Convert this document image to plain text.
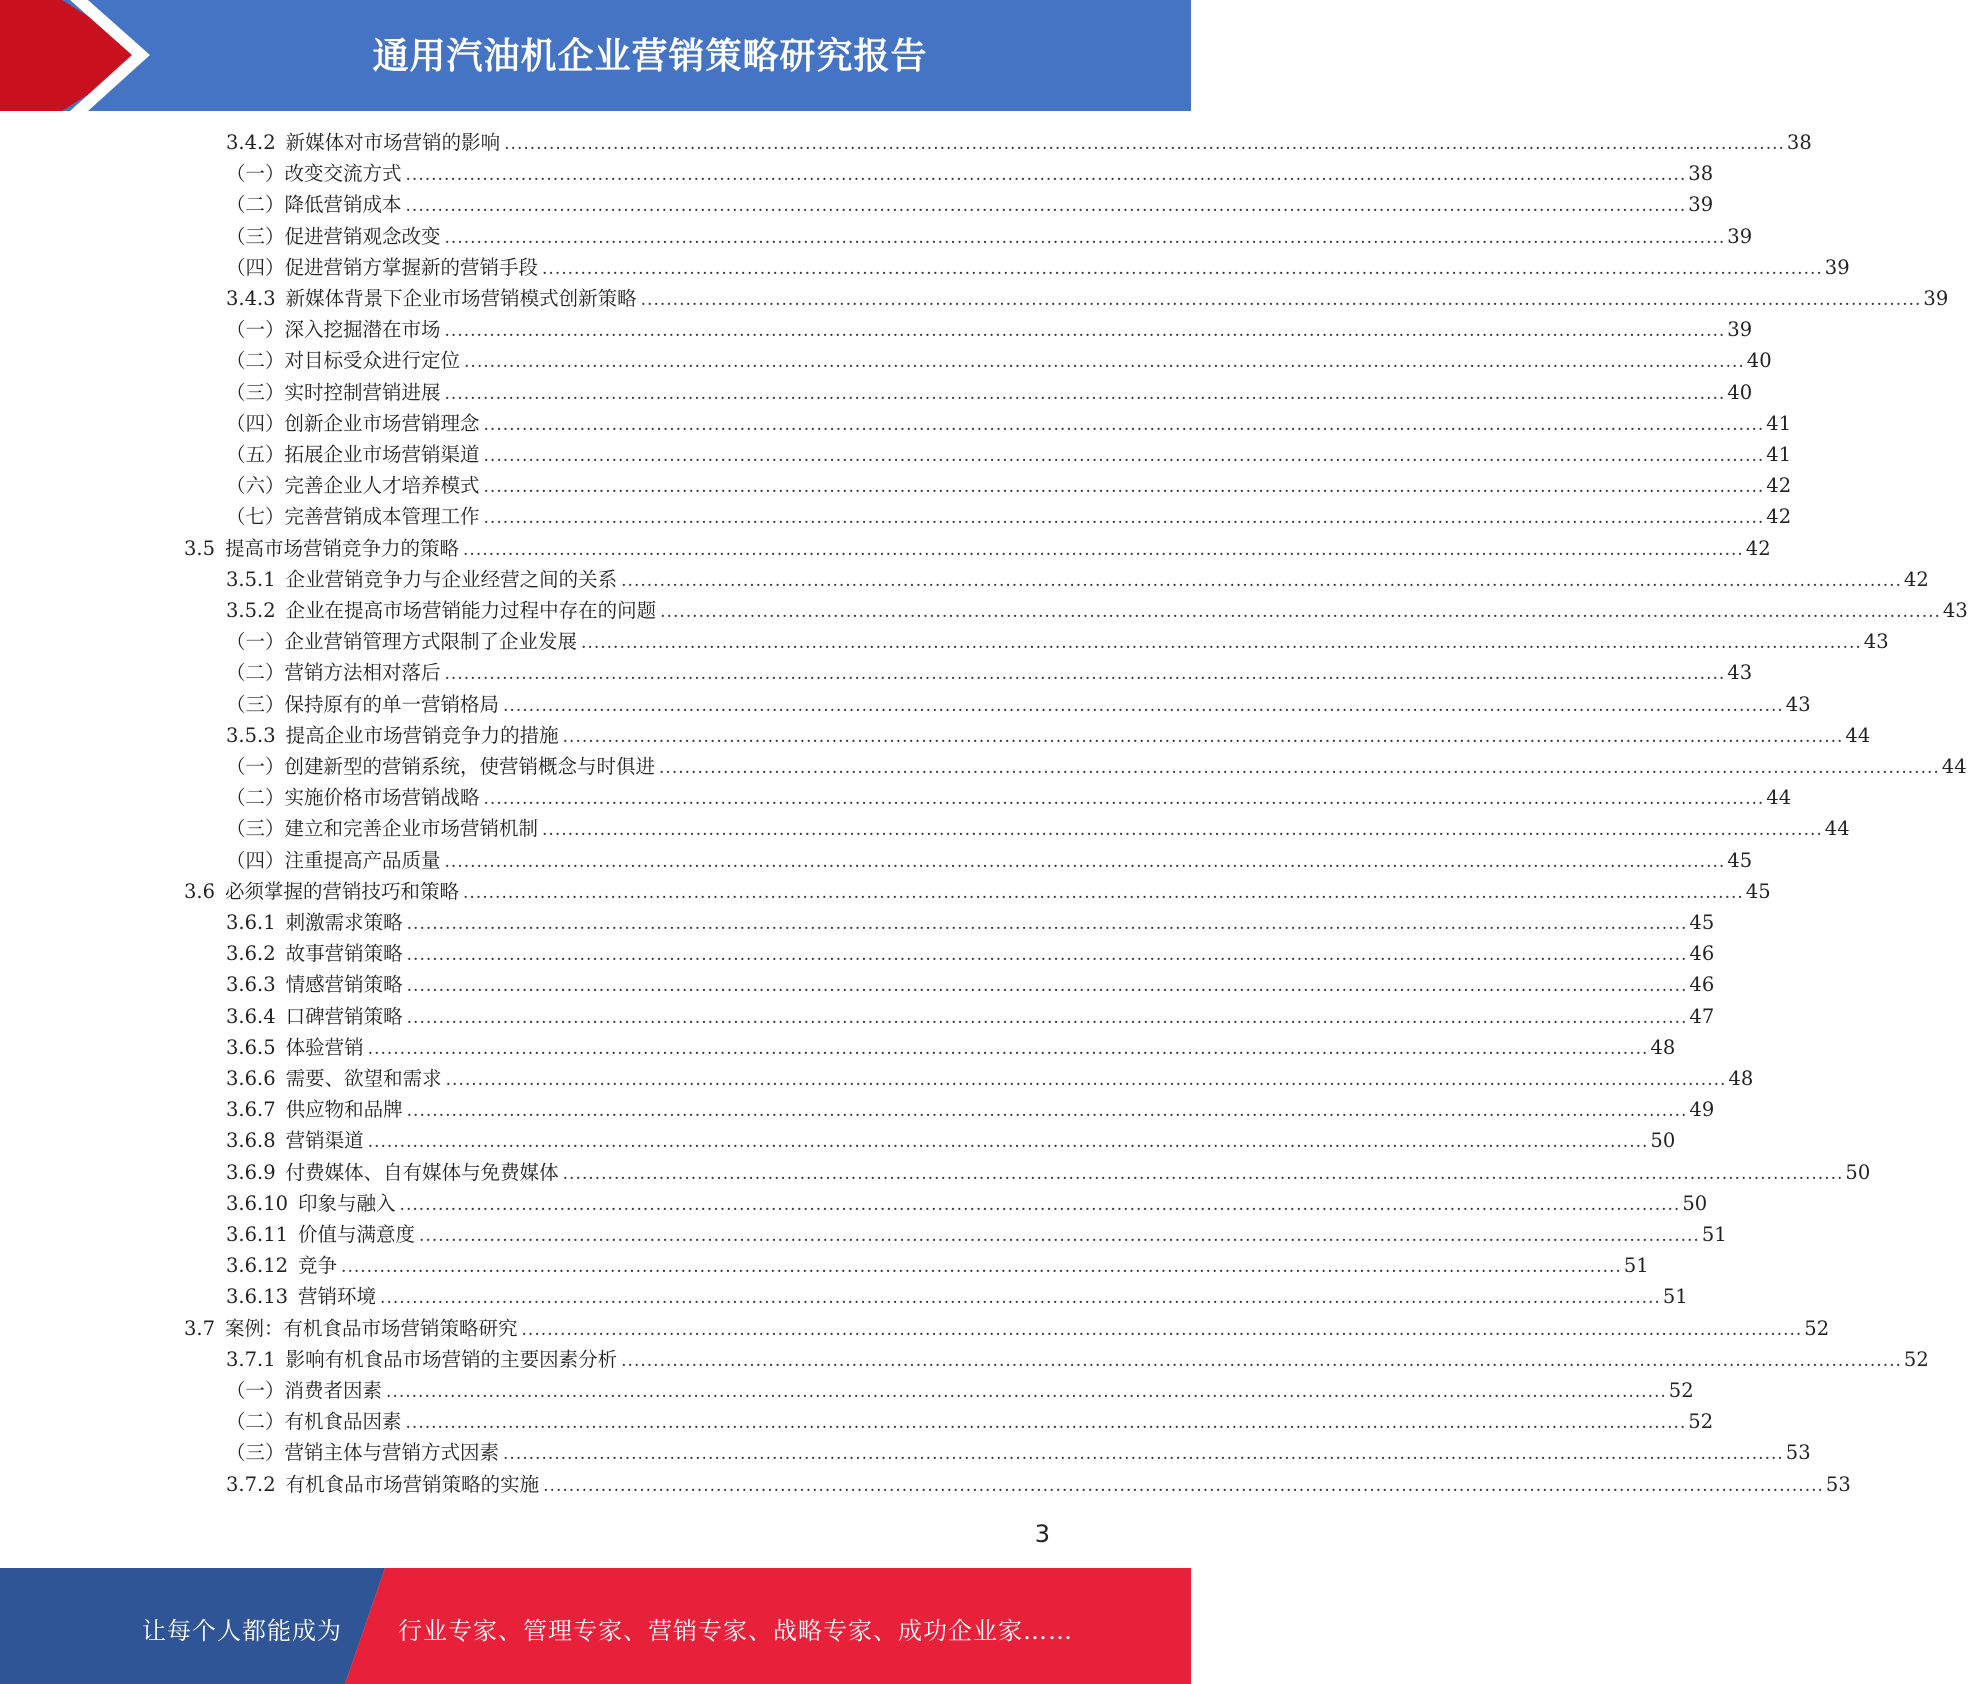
通用汽油机企业营销策略研究报告
3.4.2 新媒体对市场营销的影响 ........................................................................................................................................................................................................ 38
（一）改变交流方式 ........................................................................................................................................................................................................ 38
（二）降低营销成本 ........................................................................................................................................................................................................ 39
（三）促进营销观念改变 ........................................................................................................................................................................................................ 39
（四）促进营销方掌握新的营销手段 ........................................................................................................................................................................................................ 39
3.4.3 新媒体背景下企业市场营销模式创新策略 ........................................................................................................................................................................................................ 39
（一）深入挖掘潜在市场 ........................................................................................................................................................................................................ 39
（二）对目标受众进行定位 ........................................................................................................................................................................................................ 40
（三）实时控制营销进展 ........................................................................................................................................................................................................ 40
（四）创新企业市场营销理念 ........................................................................................................................................................................................................ 41
（五）拓展企业市场营销渠道 ........................................................................................................................................................................................................ 41
（六）完善企业人才培养模式 ........................................................................................................................................................................................................ 42
（七）完善营销成本管理工作 ........................................................................................................................................................................................................ 42
3.5 提高市场营销竞争力的策略 ........................................................................................................................................................................................................ 42
3.5.1 企业营销竞争力与企业经营之间的关系 ........................................................................................................................................................................................................ 42
3.5.2 企业在提高市场营销能力过程中存在的问题 ........................................................................................................................................................................................................ 43
（一）企业营销管理方式限制了企业发展 ........................................................................................................................................................................................................ 43
（二）营销方法相对落后 ........................................................................................................................................................................................................ 43
（三）保持原有的单一营销格局 ........................................................................................................................................................................................................ 43
3.5.3 提高企业市场营销竞争力的措施 ........................................................................................................................................................................................................ 44
（一）创建新型的营销系统，使营销概念与时俱进 ........................................................................................................................................................................................................ 44
（二）实施价格市场营销战略 ........................................................................................................................................................................................................ 44
（三）建立和完善企业市场营销机制 ........................................................................................................................................................................................................ 44
（四）注重提高产品质量 ........................................................................................................................................................................................................ 45
3.6 必须掌握的营销技巧和策略 ........................................................................................................................................................................................................ 45
3.6.1 刺激需求策略 ........................................................................................................................................................................................................ 45
3.6.2 故事营销策略 ........................................................................................................................................................................................................ 46
3.6.3 情感营销策略 ........................................................................................................................................................................................................ 46
3.6.4 口碑营销策略 ........................................................................................................................................................................................................ 47
3.6.5 体验营销 ........................................................................................................................................................................................................ 48
3.6.6 需要、欲望和需求 ........................................................................................................................................................................................................ 48
3.6.7 供应物和品牌 ........................................................................................................................................................................................................ 49
3.6.8 营销渠道 ........................................................................................................................................................................................................ 50
3.6.9 付费媒体、自有媒体与免费媒体 ........................................................................................................................................................................................................ 50
3.6.10 印象与融入 ........................................................................................................................................................................................................ 50
3.6.11 价值与满意度 ........................................................................................................................................................................................................ 51
3.6.12 竞争 ........................................................................................................................................................................................................ 51
3.6.13 营销环境 ........................................................................................................................................................................................................ 51
3.7 案例：有机食品市场营销策略研究 ........................................................................................................................................................................................................ 52
3.7.1 影响有机食品市场营销的主要因素分析 ........................................................................................................................................................................................................ 52
（一）消费者因素 ........................................................................................................................................................................................................ 52
（二）有机食品因素 ........................................................................................................................................................................................................ 52
（三）营销主体与营销方式因素 ........................................................................................................................................................................................................ 53
3.7.2 有机食品市场营销策略的实施 ........................................................................................................................................................................................................ 53
3
让每个人都能成为 行业专家、管理专家、营销专家、战略专家、成功企业家……
